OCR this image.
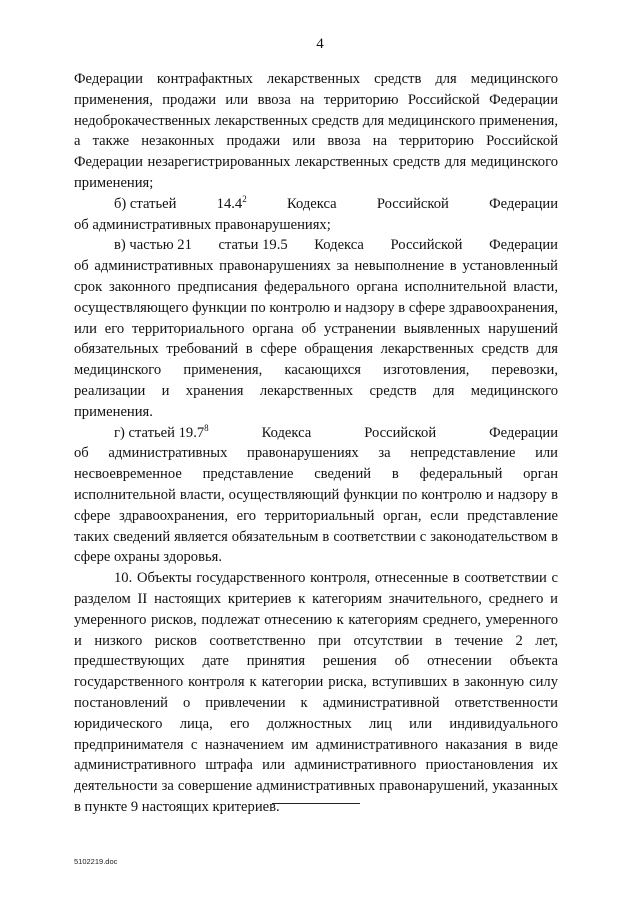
4

Федерации контрафактных лекарственных средств для медицинского применения, продажи или ввоза на территорию Российской Федерации недоброкачественных лекарственных средств для медицинского применения, а также незаконных продажи или ввоза на территорию Российской Федерации незарегистрированных лекарственных средств для медицинского применения;

б) статьей	14.4$^2$	Кодекса	Российской	Федерации

об административных правонарушениях;

в) частью 21 статьи 19.5 Кодекса Российской Федерации

об административных правонарушениях за невыполнение в установленный срок законного предписания федерального органа исполнительной власти, осуществляющего функции по контролю и надзору в сфере здравоохранения, или его территориального органа об устранении выявленных нарушений обязательных требований в сфере обращения лекарственных средств для медицинского применения, касающихся изготовления, перевозки, реализации и хранения лекарственных средств для медицинского применения.

г) статьей 19.7$^8$	Кодекса	Российской	Федерации

об административных правонарушениях за непредставление или несвоевременное представление сведений в федеральный орган исполнительной власти, осуществляющий функции по контролю и надзору в сфере здравоохранения, его территориальный орган, если представление таких сведений является обязательным в соответствии с законодательством в сфере охраны здоровья.

10. Объекты государственного контроля, отнесенные в соответствии с разделом II настоящих критериев к категориям значительного, среднего и умеренного рисков, подлежат отнесению к категориям среднего, умеренного и низкого рисков соответственно при отсутствии в течение 2 лет, предшествующих дате принятия решения об отнесении объекта государственного контроля к категории риска, вступивших в законную силу постановлений о привлечении к административной ответственности юридического лица, его должностных лиц или индивидуального предпринимателя с назначением им административного наказания в виде административного штрафа или административного приостановления их деятельности за совершение административных правонарушений, указанных в пункте 9 настоящих критериев.

5102219.doc
